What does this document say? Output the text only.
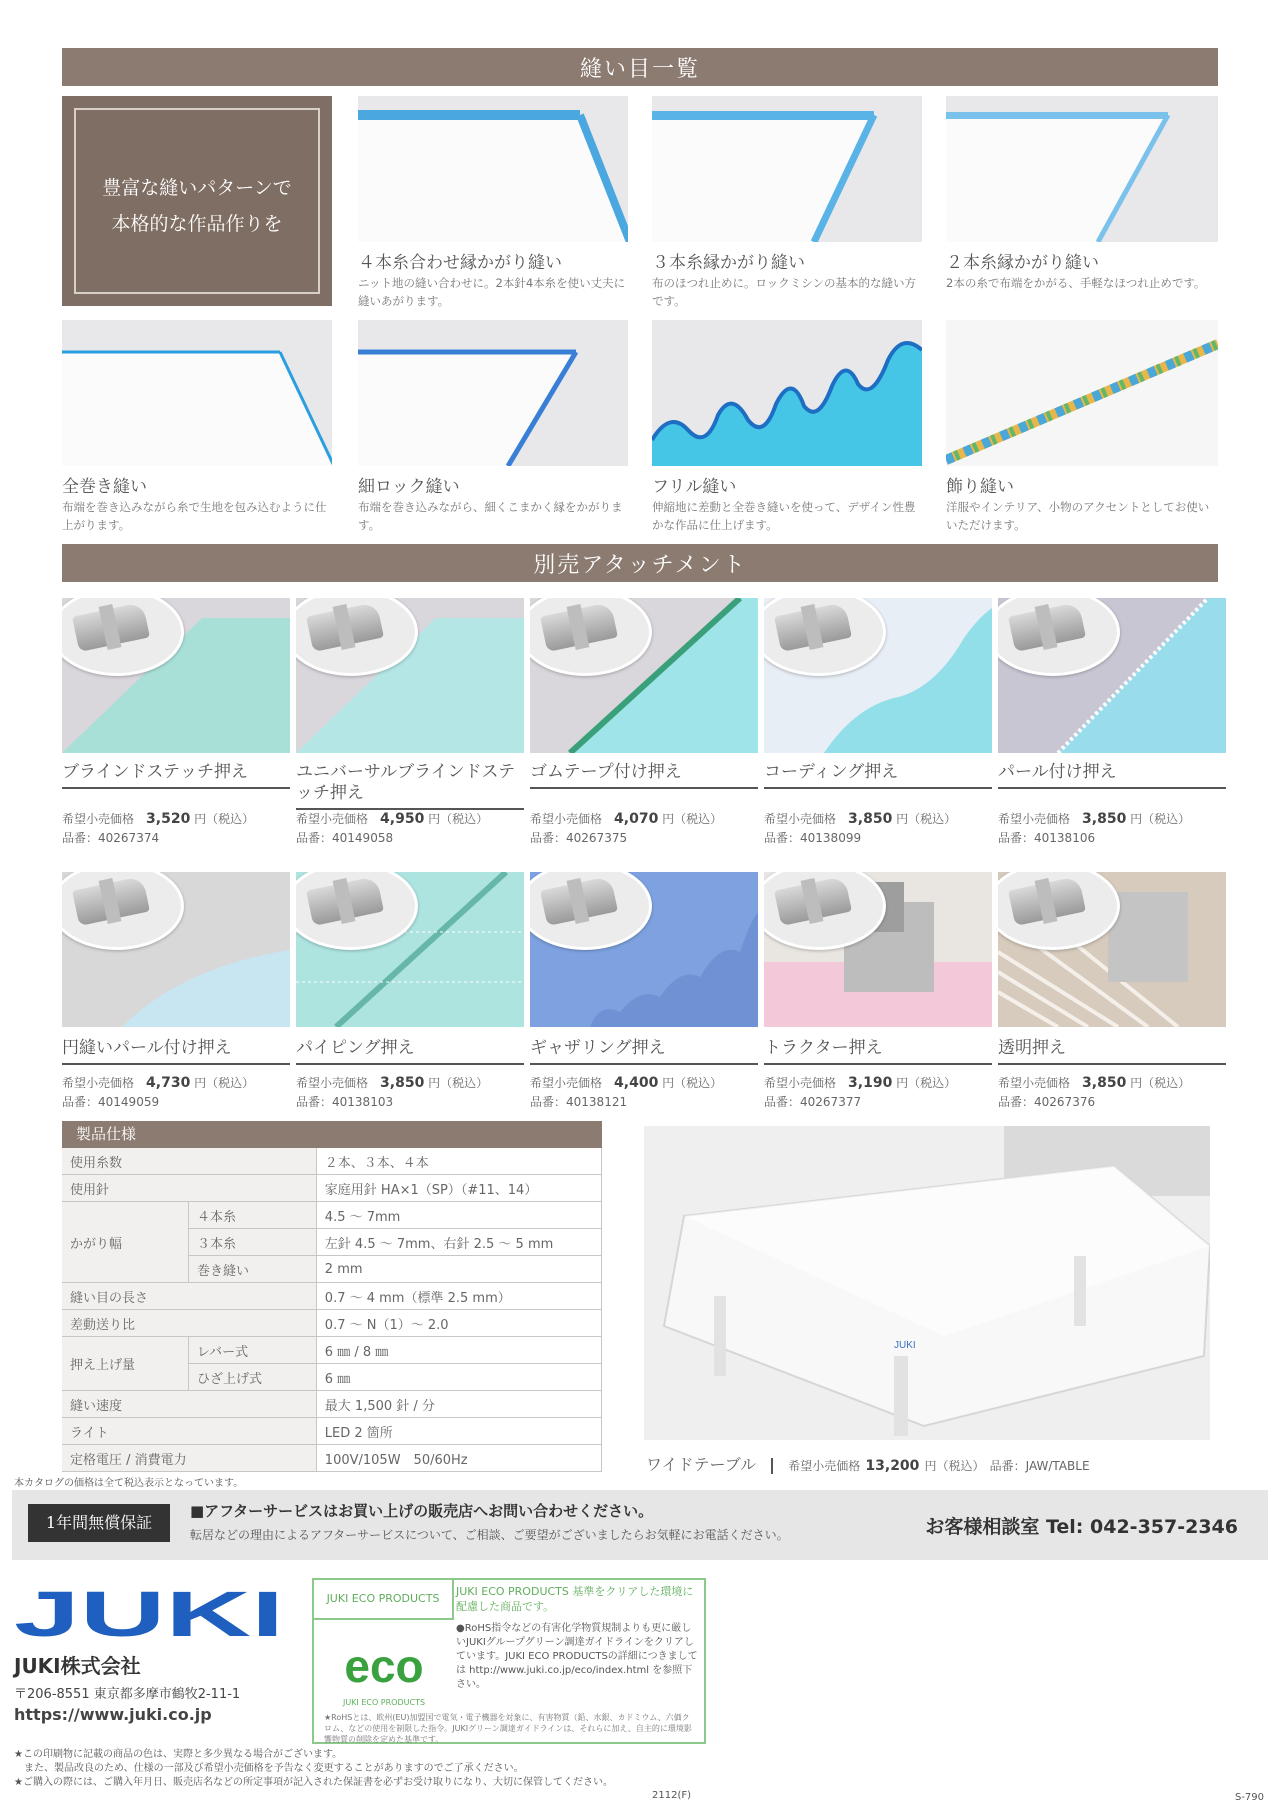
縫い目一覧
豊富な縫いパターンで
本格的な作品作りを
４本糸合わせ縁かがり縫い
ニット地の縫い合わせに。2本針4本糸を使い丈夫に縫いあがります。
３本糸縁かがり縫い
布のほつれ止めに。ロックミシンの基本的な縫い方です。
２本糸縁かがり縫い
2本の糸で布端をかがる、手軽なほつれ止めです。
全巻き縫い
布端を巻き込みながら糸で生地を包み込むように仕上がります。
細ロック縫い
布端を巻き込みながら、細くこまかく縁をかがります。
フリル縫い
伸縮地に差動と全巻き縫いを使って、デザイン性豊かな作品に仕上げます。
飾り縫い
洋服やインテリア、小物のアクセントとしてお使いいただけます。
別売アタッチメント
ブラインドステッチ押え
希望小売価格　 3,520 円（税込）
品番：40267374
ユニバーサルブラインドステッチ押え
希望小売価格　 4,950 円（税込）
品番：40149058
ゴムテープ付け押え
希望小売価格　 4,070 円（税込）
品番：40267375
コーディング押え
希望小売価格　 3,850 円（税込）
品番：40138099
パール付け押え
希望小売価格　 3,850 円（税込）
品番：40138106
円縫いパール付け押え
希望小売価格　 4,730 円（税込）
品番：40149059
パイピング押え
希望小売価格　 3,850 円（税込）
品番：40138103
ギャザリング押え
希望小売価格　 4,400 円（税込）
品番：40138121
トラクター押え
希望小売価格　 3,190 円（税込）
品番：40267377
透明押え
希望小売価格　 3,850 円（税込）
品番：40267376
製品仕様
使用糸数		２本、３本、４本
使用針		家庭用針 HA×1（SP）（#11、14）
かがり幅	４本糸	4.5 ～ 7mm
	３本糸	左針 4.5 ～ 7mm、右針 2.5 ～ 5 mm
	巻き縫い	2 mm
縫い目の長さ		0.7 ～ 4 mm（標準 2.5 mm）
差動送り比		0.7 ～ N（1）～ 2.0
押え上げ量	レバー式	6 ㎜ / 8 ㎜
	ひざ上げ式	6 ㎜
縫い速度		最大 1,500 針 / 分
ライト		LED 2 箇所
定格電圧 / 消費電力		100V/105W　50/60Hz
JUKI
ワイドテーブル	希望小売価格 13,200 円（税込） 品番：JAW/TABLE
本カタログの価格は全て税込表示となっています。
1年間無償保証
■アフターサービスはお買い上げの販売店へお問い合わせください。
転居などの理由によるアフターサービスについて、ご相談、ご要望がございましたらお気軽にお電話ください。	お客様相談室 Tel: 042-357-2346
JUKI
JUKI株式会社
〒206-8551 東京都多摩市鶴牧2-11-1
https://www.juki.co.jp
JUKI ECO PRODUCTS
JUKI ECO PRODUCTS 基準をクリアした環境に配慮した商品です。
eco
JUKI ECO PRODUCTS
●RoHS指令などの有害化学物質規制よりも更に厳しいJUKIグループグリーン調達ガイドラインをクリアしています。JUKI ECO PRODUCTSの詳細につきましては http://www.juki.co.jp/eco/index.html を参照下さい。
★RoHSとは、欧州(EU)加盟国で電気・電子機器を対象に、有害物質（鉛、水銀、カドミウム、六価クロム、などの使用を制限した指令。JUKIグリーン調達ガイドラインは、それらに加え、自主的に環境影響物質の削除を定めた基準です。
★この印刷物に記載の商品の色は、実際と多少異なる場合がございます。
　また、製品改良のため、仕様の一部及び希望小売価格を予告なく変更することがありますのでご了承ください。
★ご購入の際には、ご購入年月日、販売店名などの所定事項が記入された保証書を必ずお受け取りになり、大切に保管してください。
2112(F)	S-790
